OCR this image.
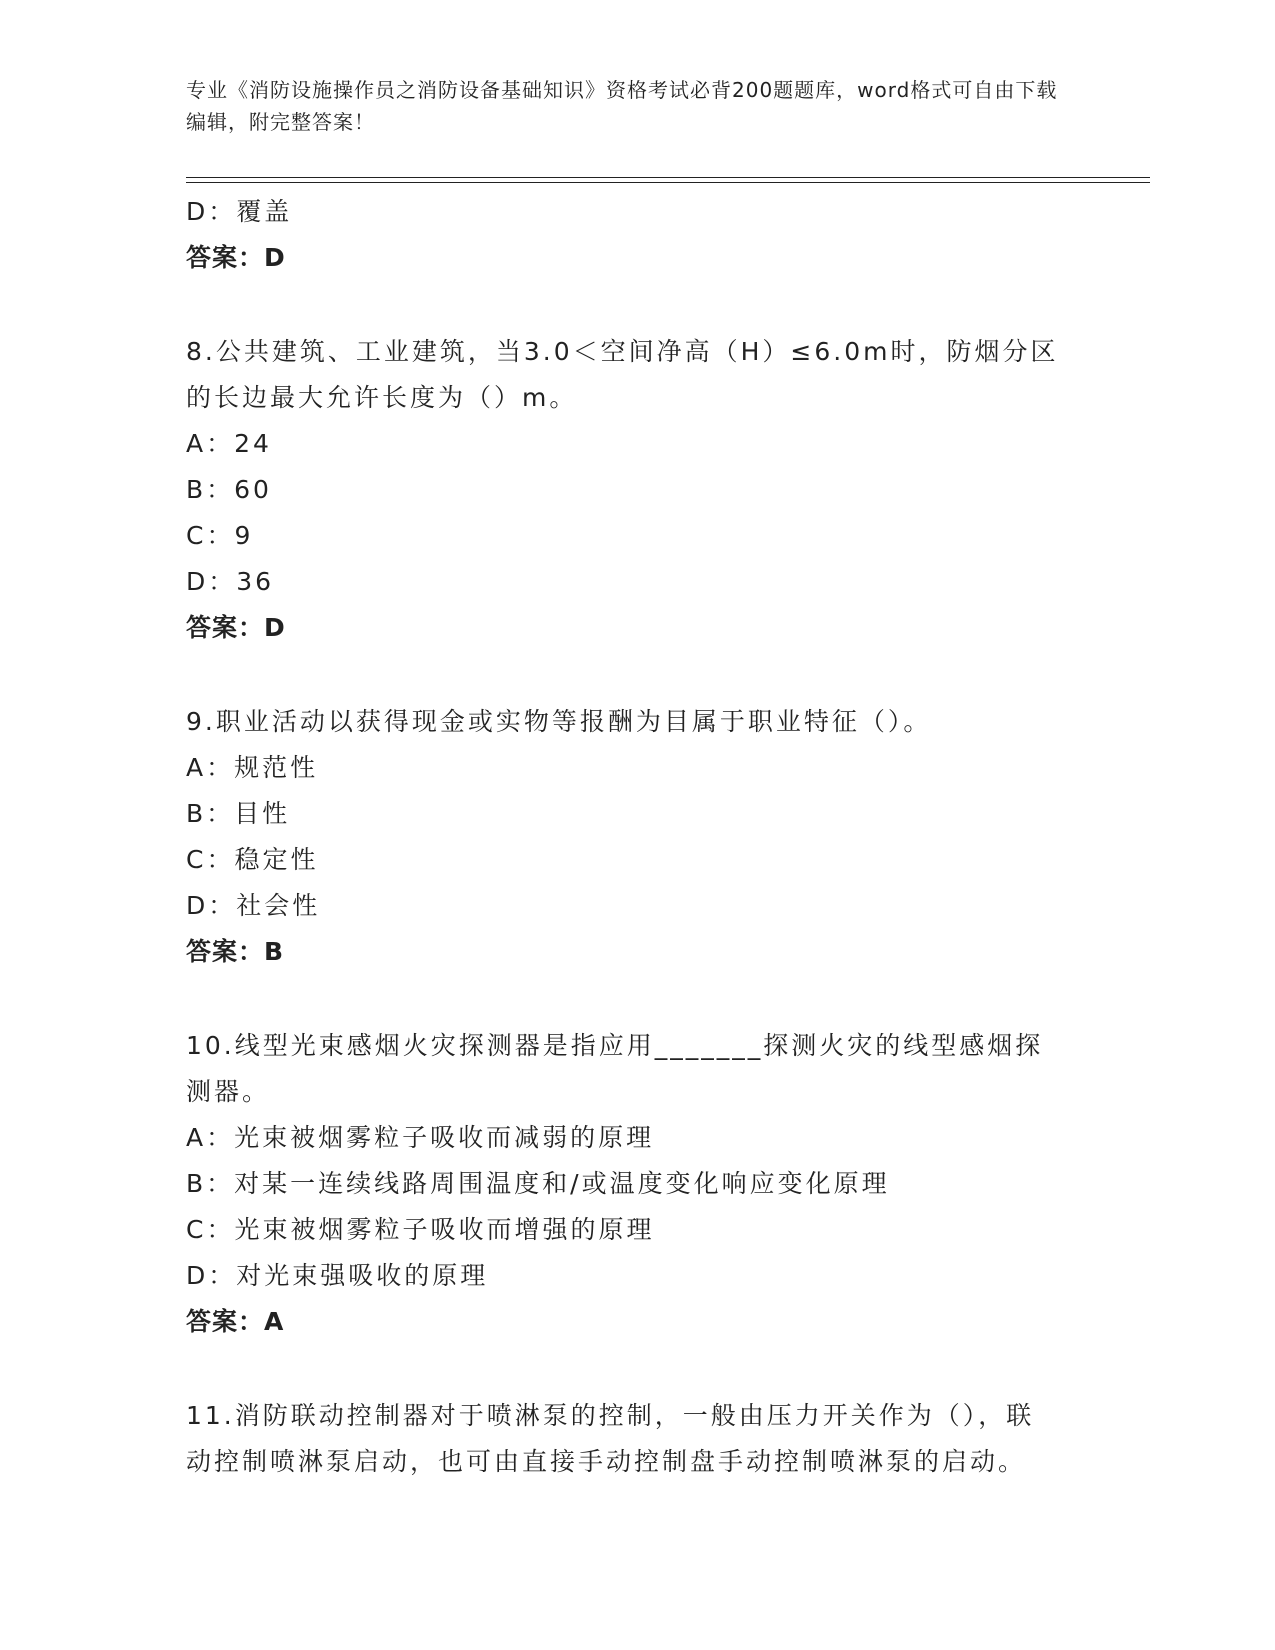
专业《消防设施操作员之消防设备基础知识》资格考试必背200题题库，word格式可自由下载编辑，附完整答案！
D：覆盖
答案：D
8.公共建筑、工业建筑，当3.0＜空间净高（H）≤6.0m时，防烟分区
的长边最大允许长度为（）m。
A：24
B：60
C：9
D：36
答案：D
9.职业活动以获得现金或实物等报酬为目属于职业特征（）。
A：规范性
B：目性
C：稳定性
D：社会性
答案：B
10.线型光束感烟火灾探测器是指应用_______探测火灾的线型感烟探
测器。
A：光束被烟雾粒子吸收而减弱的原理
B：对某一连续线路周围温度和/或温度变化响应变化原理
C：光束被烟雾粒子吸收而增强的原理
D：对光束强吸收的原理
答案：A
11.消防联动控制器对于喷淋泵的控制，一般由压力开关作为（），联
动控制喷淋泵启动，也可由直接手动控制盘手动控制喷淋泵的启动。
